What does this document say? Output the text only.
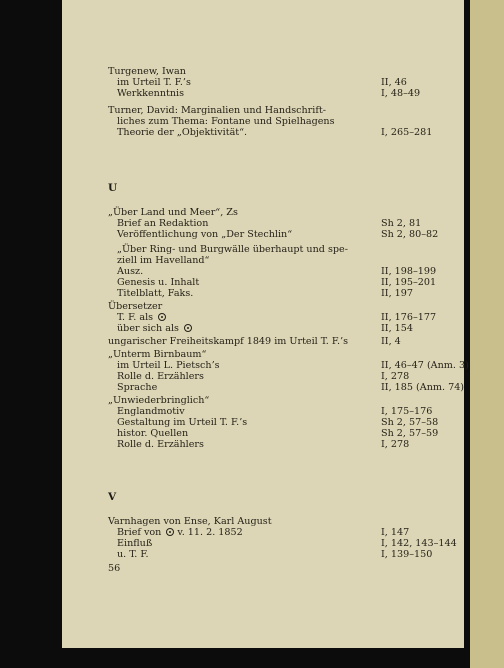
Turgenew, Iwan
im Urteil T. F.’s	II, 46
Werkkenntnis	I, 48–49
Turner, David: Marginalien und Handschrift-
liches zum Thema: Fontane und Spielhagens
Theorie der „Objektivität“.	I, 265–281
U
„Über Land und Meer“, Zs
Brief an Redaktion	Sh 2, 81
Veröffentlichung von „Der Stechlin“	Sh 2, 80–82
„Über Ring- und Burgwälle überhaupt und spe-
ziell im Havelland“
Ausz.	II, 198–199
Genesis u. Inhalt	II, 195–201
Titelblatt, Faks.	II, 197
Übersetzer
T. F. als	II, 176–177
über sich als	II, 154
ungarischer Freiheitskampf 1849 im Urteil T. F.’s	II, 4
„Unterm Birnbaum“
im Urteil L. Pietsch’s	II, 46–47 (Anm. 3)
Rolle d. Erzählers	I, 278
Sprache	II, 185 (Anm. 74)
„Unwiederbringlich“
Englandmotiv	I, 175–176
Gestaltung im Urteil T. F.’s	Sh 2, 57–58
histor. Quellen	Sh 2, 57–59
Rolle d. Erzählers	I, 278
V
Varnhagen von Ense, Karl August
Brief von v. 11. 2. 1852	I, 147
Einfluß	I, 142, 143–144
u. T. F.	I, 139–150
56
